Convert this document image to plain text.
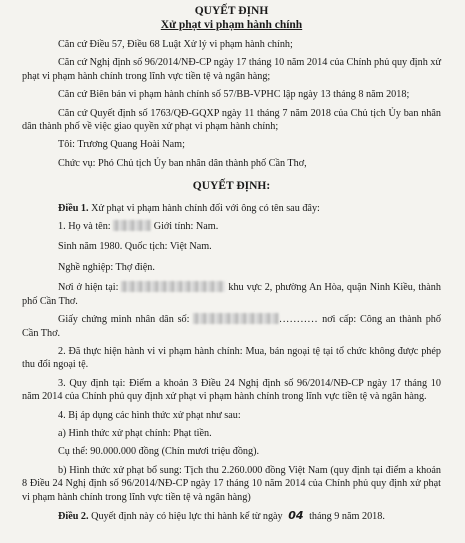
QUYẾT ĐỊNH

Xử phạt vi phạm hành chính

Căn cứ Điều 57, Điều 68 Luật Xử lý vi phạm hành chính;

Căn cứ Nghị định số 96/2014/NĐ-CP ngày 17 tháng 10 năm 2014 của Chính phủ quy định xử phạt vi phạm hành chính trong lĩnh vực tiền tệ và ngân hàng;

Căn cứ Biên bản vi phạm hành chính số 57/BB-VPHC lập ngày 13 tháng 8 năm 2018;

Căn cứ Quyết định số 1763/QĐ-GQXP ngày 11 tháng 7 năm 2018 của Chủ tịch Ủy ban nhân dân thành phố về việc giao quyền xử phạt vi phạm hành chính;

Tôi: Trương Quang Hoài Nam;

Chức vụ: Phó Chủ tịch Ủy ban nhân dân thành phố Cần Thơ,

QUYẾT ĐỊNH:

Điều 1. Xử phạt vi phạm hành chính đối với ông có tên sau đây:

1. Họ và tên:	Giới tính: Nam.

Sinh năm 1980. Quốc tịch: Việt Nam.

Nghề nghiệp: Thợ điện.

Nơi ở hiện tại:	khu vực 2, phường An Hòa, quận Ninh Kiều, thành phố Cần Thơ.

Giấy chứng minh nhân dân số:	........... nơi cấp: Công an thành phố Cần Thơ.

2. Đã thực hiện hành vi vi phạm hành chính: Mua, bán ngoại tệ tại tổ chức không được phép thu đổi ngoại tệ.

3. Quy định tại: Điểm a khoản 3 Điều 24 Nghị định số 96/2014/NĐ-CP ngày 17 tháng 10 năm 2014 của Chính phủ quy định xử phạt vi phạm hành chính trong lĩnh vực tiền tệ và ngân hàng.

4. Bị áp dụng các hình thức xử phạt như sau:

a) Hình thức xử phạt chính: Phạt tiền.

Cụ thể: 90.000.000 đồng (Chín mươi triệu đồng).

b) Hình thức xử phạt bổ sung: Tịch thu 2.260.000 đồng Việt Nam (quy định tại điểm a khoản 8 Điều 24 Nghị định số 96/2014/NĐ-CP ngày 17 tháng 10 năm 2014 của Chính phủ quy định xử phạt vi phạm hành chính trong lĩnh vực tiền tệ và ngân hàng)

Điều 2. Quyết định này có hiệu lực thi hành kể từ ngày 04 tháng 9 năm 2018.
